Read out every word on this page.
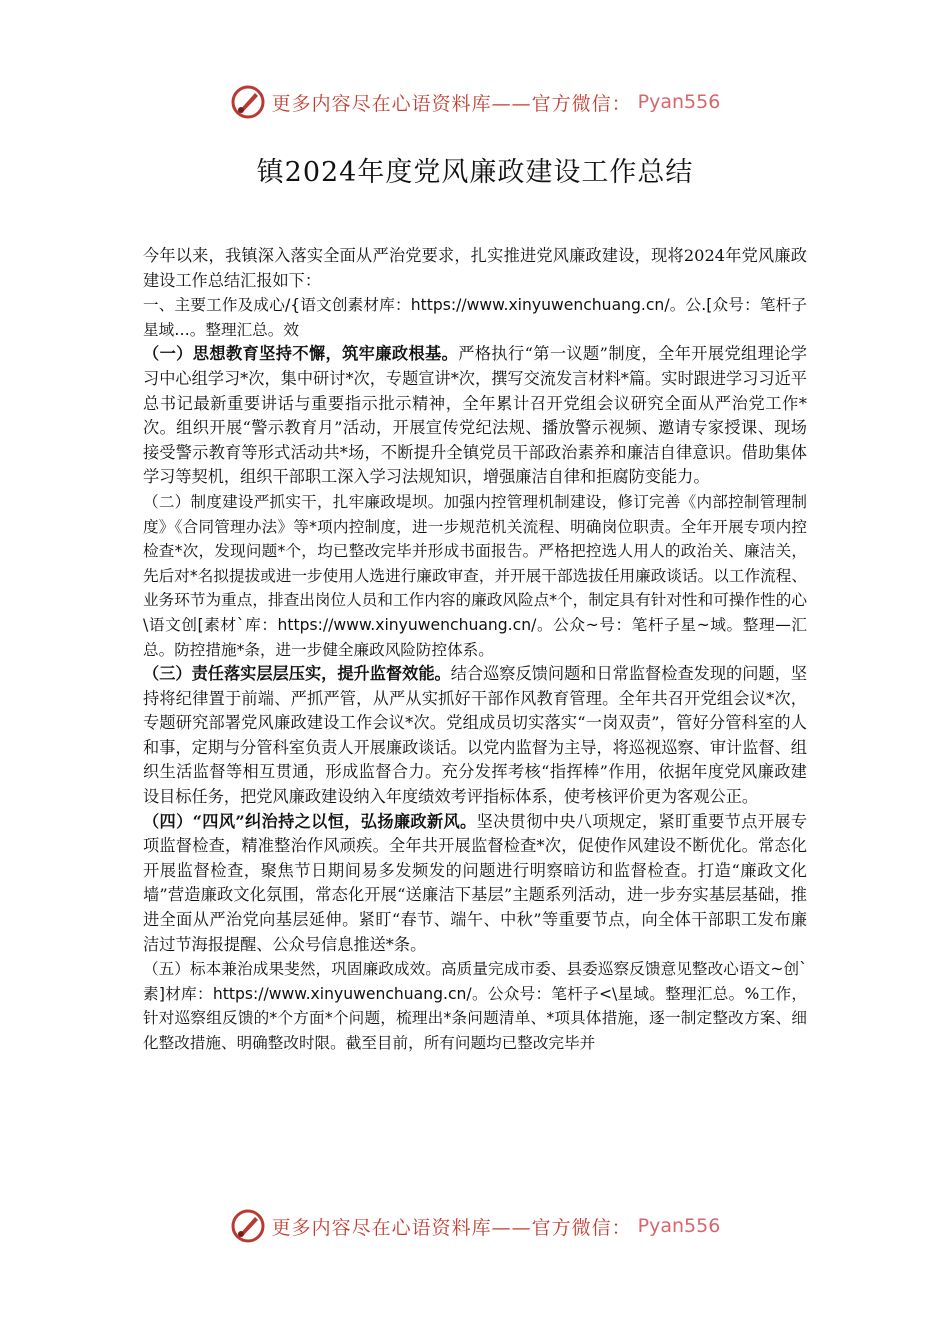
更多内容尽在心语资料库——官方微信： Pyan556
镇2024年度党风廉政建设工作总结

今年以来，我镇深入落实全面从严治党要求，扎实推进党风廉政建设，现将2024年党风廉政建设工作总结汇报如下：

一、主要工作及成心/{语文创素材库：https://www.xinyuwenchuang.cn/。公.[众号：笔杆子星域…。整理汇总。效

（一）思想教育坚持不懈，筑牢廉政根基。严格执行“第一议题”制度，全年开展党组理论学习中心组学习*次，集中研讨*次，专题宣讲*次，撰写交流发言材料*篇。实时跟进学习习近平总书记最新重要讲话与重要指示批示精神，全年累计召开党组会议研究全面从严治党工作*次。组织开展“警示教育月”活动，开展宣传党纪法规、播放警示视频、邀请专家授课、现场接受警示教育等形式活动共*场，不断提升全镇党员干部政治素养和廉洁自律意识。借助集体学习等契机，组织干部职工深入学习法规知识，增强廉洁自律和拒腐防变能力。

（二）制度建设严抓实干，扎牢廉政堤坝。加强内控管理机制建设，修订完善《内部控制管理制度》《合同管理办法》等*项内控制度，进一步规范机关流程、明确岗位职责。全年开展专项内控检查*次，发现问题*个，均已整改完毕并形成书面报告。严格把控选人用人的政治关、廉洁关，先后对*名拟提拔或进一步使用人选进行廉政审查，并开展干部选拔任用廉政谈话。以工作流程、业务环节为重点，排查出岗位人员和工作内容的廉政风险点*个，制定具有针对性和可操作性的心\语文创[素材`库：https://www.xinyuwenchuang.cn/。公众~号：笔杆子星~域。整理—汇总。防控措施*条，进一步健全廉政风险防控体系。

（三）责任落实层层压实，提升监督效能。结合巡察反馈问题和日常监督检查发现的问题，坚持将纪律置于前端、严抓严管，从严从实抓好干部作风教育管理。全年共召开党组会议*次，专题研究部署党风廉政建设工作会议*次。党组成员切实落实“一岗双责”，管好分管科室的人和事，定期与分管科室负责人开展廉政谈话。以党内监督为主导，将巡视巡察、审计监督、组织生活监督等相互贯通，形成监督合力。充分发挥考核“指挥棒”作用，依据年度党风廉政建设目标任务，把党风廉政建设纳入年度绩效考评指标体系，使考核评价更为客观公正。

（四）“四风”纠治持之以恒，弘扬廉政新风。坚决贯彻中央八项规定，紧盯重要节点开展专项监督检查，精准整治作风顽疾。全年共开展监督检查*次，促使作风建设不断优化。常态化开展监督检查，聚焦节日期间易多发频发的问题进行明察暗访和监督检查。打造“廉政文化墙”营造廉政文化氛围，常态化开展“送廉洁下基层”主题系列活动，进一步夯实基层基础，推进全面从严治党向基层延伸。紧盯“春节、端午、中秋”等重要节点，向全体干部职工发布廉洁过节海报提醒、公众号信息推送*条。

（五）标本兼治成果斐然，巩固廉政成效。高质量完成市委、县委巡察反馈意见整改心语文~创`素]材库：https://www.xinyuwenchuang.cn/。公众号：笔杆子<\星域。整理汇总。%工作，针对巡察组反馈的*个方面*个问题，梳理出*条问题清单、*项具体措施，逐一制定整改方案、细化整改措施、明确整改时限。截至目前，所有问题均已整改完毕并

更多内容尽在心语资料库——官方微信： Pyan556
